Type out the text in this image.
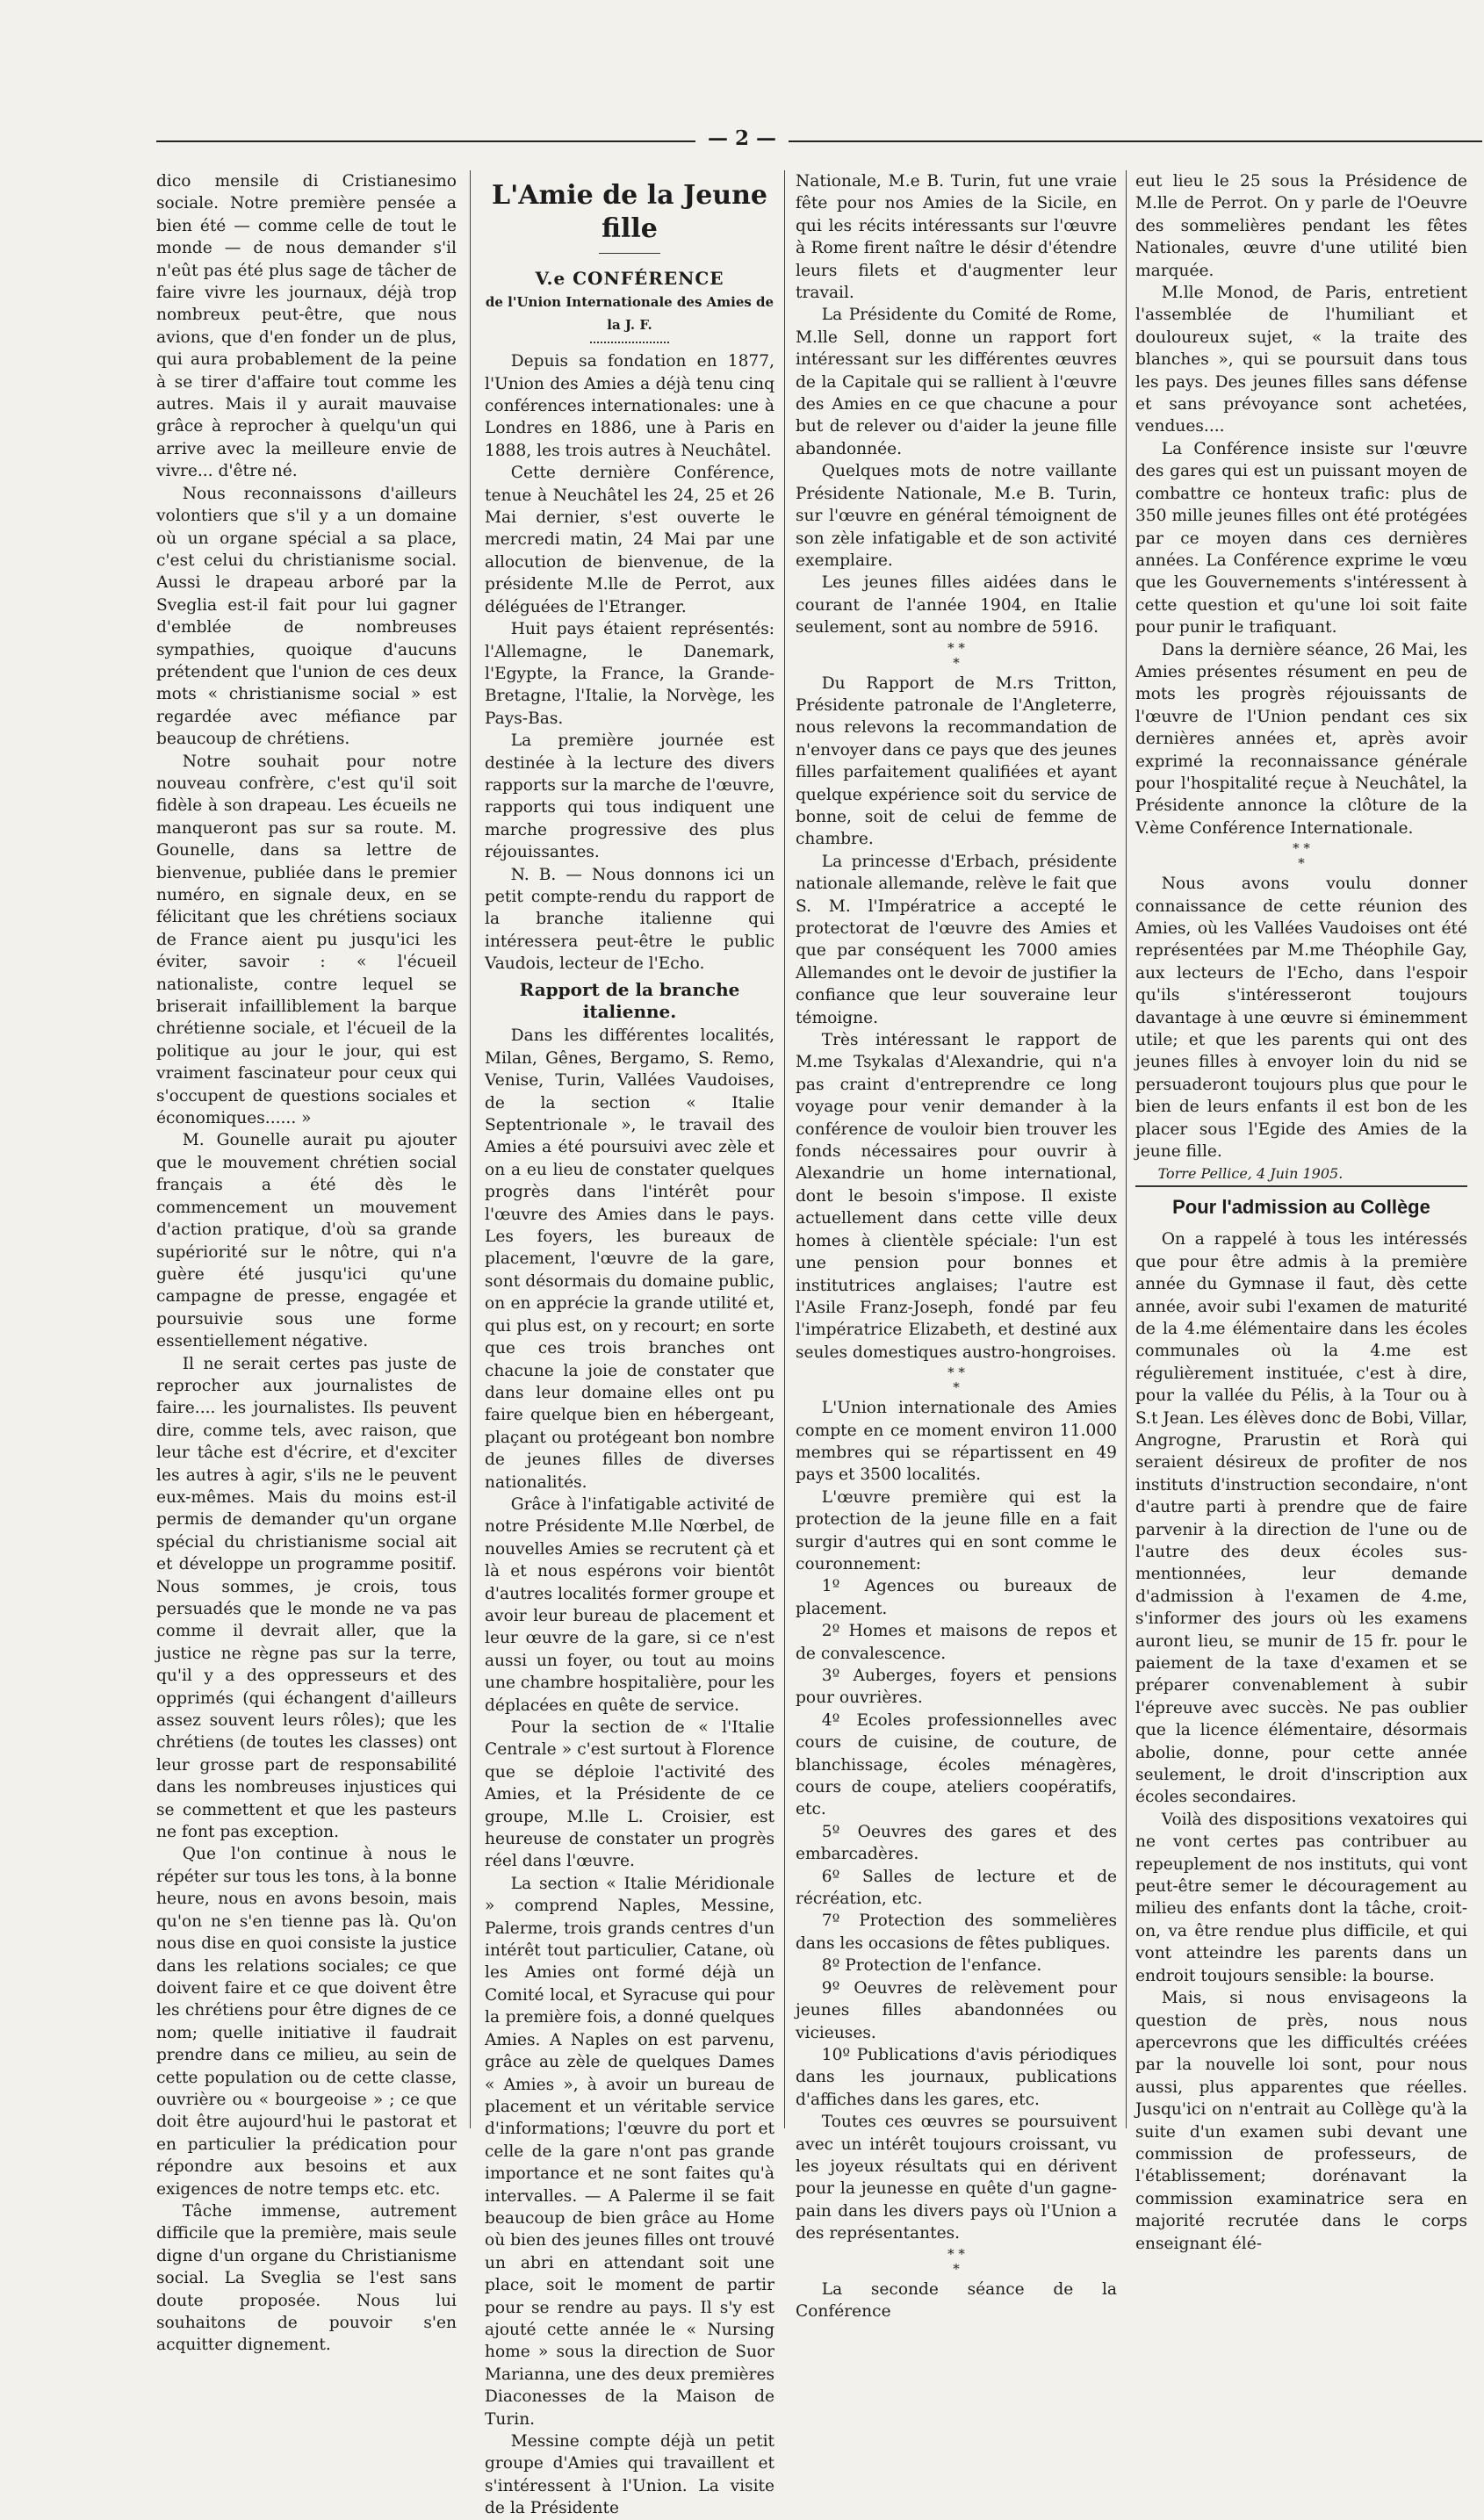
— 2 —

dico mensile di Cristianesimo sociale. Notre première pensée a bien été — comme celle de tout le monde — de nous demander s'il n'eût pas été plus sage de tâcher de faire vivre les journaux, déjà trop nombreux peut-être, que nous avions, que d'en fonder un de plus, qui aura probablement de la peine à se tirer d'affaire tout comme les autres. Mais il y aurait mauvaise grâce à reprocher à quelqu'un qui arrive avec la meilleure envie de vivre... d'être né.

Nous reconnaissons d'ailleurs volontiers que s'il y a un domaine où un organe spécial a sa place, c'est celui du christianisme social. Aussi le drapeau arboré par la Sveglia est-il fait pour lui gagner d'emblée de nombreuses sympathies, quoique d'aucuns prétendent que l'union de ces deux mots « christianisme social » est regardée avec méfiance par beaucoup de chrétiens.

Notre souhait pour notre nouveau confrère, c'est qu'il soit fidèle à son drapeau. Les écueils ne manqueront pas sur sa route. M. Gounelle, dans sa lettre de bienvenue, publiée dans le premier numéro, en signale deux, en se félicitant que les chrétiens sociaux de France aient pu jusqu'ici les éviter, savoir : « l'écueil nationaliste, contre lequel se briserait infailliblement la barque chrétienne sociale, et l'écueil de la politique au jour le jour, qui est vraiment fascinateur pour ceux qui s'occupent de questions sociales et économiques...... »

M. Gounelle aurait pu ajouter que le mouvement chrétien social français a été dès le commencement un mouvement d'action pratique, d'où sa grande supériorité sur le nôtre, qui n'a guère été jusqu'ici qu'une campagne de presse, engagée et poursuivie sous une forme essentiellement négative.

Il ne serait certes pas juste de reprocher aux journalistes de faire.... les journalistes. Ils peuvent dire, comme tels, avec raison, que leur tâche est d'écrire, et d'exciter les autres à agir, s'ils ne le peuvent eux-mêmes. Mais du moins est-il permis de demander qu'un organe spécial du christianisme social ait et développe un programme positif. Nous sommes, je crois, tous persuadés que le monde ne va pas comme il devrait aller, que la justice ne règne pas sur la terre, qu'il y a des oppresseurs et des opprimés (qui échangent d'ailleurs assez souvent leurs rôles); que les chrétiens (de toutes les classes) ont leur grosse part de responsabilité dans les nombreuses injustices qui se commettent et que les pasteurs ne font pas exception.

Que l'on continue à nous le répéter sur tous les tons, à la bonne heure, nous en avons besoin, mais qu'on ne s'en tienne pas là. Qu'on nous dise en quoi consiste la justice dans les relations sociales; ce que doivent faire et ce que doivent être les chrétiens pour être dignes de ce nom; quelle initiative il faudrait prendre dans ce milieu, au sein de cette population ou de cette classe, ouvrière ou « bourgeoise » ; ce que doit être aujourd'hui le pastorat et en particulier la prédication pour répondre aux besoins et aux exigences de notre temps etc. etc.

Tâche immense, autrement difficile que la première, mais seule digne d'un organe du Christianisme social. La Sveglia se l'est sans doute proposée. Nous lui souhaitons de pouvoir s'en acquitter dignement.

L'Amie de la Jeune fille
V.e CONFÉRENCE
de l'Union Internationale des Amies de la J. F.

Depuis sa fondation en 1877, l'Union des Amies a déjà tenu cinq conférences internationales: une à Londres en 1886, une à Paris en 1888, les trois autres à Neuchâtel.

Cette dernière Conférence, tenue à Neuchâtel les 24, 25 et 26 Mai dernier, s'est ouverte le mercredi matin, 24 Mai par une allocution de bienvenue, de la présidente M.lle de Perrot, aux déléguées de l'Etranger.

Huit pays étaient représentés: l'Allemagne, le Danemark, l'Egypte, la France, la Grande-Bretagne, l'Italie, la Norvège, les Pays-Bas.

La première journée est destinée à la lecture des divers rapports sur la marche de l'œuvre, rapports qui tous indiquent une marche progressive des plus réjouissantes.

N. B. — Nous donnons ici un petit compte-rendu du rapport de la branche italienne qui intéressera peut-être le public Vaudois, lecteur de l'Echo.

Rapport de la branche italienne.

Dans les différentes localités, Milan, Gênes, Bergamo, S. Remo, Venise, Turin, Vallées Vaudoises, de la section « Italie Septentrionale », le travail des Amies a été poursuivi avec zèle et on a eu lieu de constater quelques progrès dans l'intérêt pour l'œuvre des Amies dans le pays. Les foyers, les bureaux de placement, l'œuvre de la gare, sont désormais du domaine public, on en apprécie la grande utilité et, qui plus est, on y recourt; en sorte que ces trois branches ont chacune la joie de constater que dans leur domaine elles ont pu faire quelque bien en hébergeant, plaçant ou protégeant bon nombre de jeunes filles de diverses nationalités.

Grâce à l'infatigable activité de notre Présidente M.lle Nœrbel, de nouvelles Amies se recrutent çà et là et nous espérons voir bientôt d'autres localités former groupe et avoir leur bureau de placement et leur œuvre de la gare, si ce n'est aussi un foyer, ou tout au moins une chambre hospitalière, pour les déplacées en quête de service.

Pour la section de « l'Italie Centrale » c'est surtout à Florence que se déploie l'activité des Amies, et la Présidente de ce groupe, M.lle L. Croisier, est heureuse de constater un progrès réel dans l'œuvre.

La section « Italie Méridionale » comprend Naples, Messine, Palerme, trois grands centres d'un intérêt tout particulier, Catane, où les Amies ont formé déjà un Comité local, et Syracuse qui pour la première fois, a donné quelques Amies. A Naples on est parvenu, grâce au zèle de quelques Dames « Amies », à avoir un bureau de placement et un véritable service d'informations; l'œuvre du port et celle de la gare n'ont pas grande importance et ne sont faites qu'à intervalles. — A Palerme il se fait beaucoup de bien grâce au Home où bien des jeunes filles ont trouvé un abri en attendant soit une place, soit le moment de partir pour se rendre au pays. Il s'y est ajouté cette année le « Nursing home » sous la direction de Suor Marianna, une des deux premières Diaconesses de la Maison de Turin.

Messine compte déjà un petit groupe d'Amies qui travaillent et s'intéressent à l'Union. La visite de la Présidente

Nationale, M.e B. Turin, fut une vraie fête pour nos Amies de la Sicile, en qui les récits intéressants sur l'œuvre à Rome firent naître le désir d'étendre leurs filets et d'augmenter leur travail.

La Présidente du Comité de Rome, M.lle Sell, donne un rapport fort intéressant sur les différentes œuvres de la Capitale qui se rallient à l'œuvre des Amies en ce que chacune a pour but de relever ou d'aider la jeune fille abandonnée.

Quelques mots de notre vaillante Présidente Nationale, M.e B. Turin, sur l'œuvre en général témoignent de son zèle infatigable et de son activité exemplaire.

Les jeunes filles aidées dans le courant de l'année 1904, en Italie seulement, sont au nombre de 5916.

* *
*

Du Rapport de M.rs Tritton, Présidente patronale de l'Angleterre, nous relevons la recommandation de n'envoyer dans ce pays que des jeunes filles parfaitement qualifiées et ayant quelque expérience soit du service de bonne, soit de celui de femme de chambre.

La princesse d'Erbach, présidente nationale allemande, relève le fait que S. M. l'Impératrice a accepté le protectorat de l'œuvre des Amies et que par conséquent les 7000 amies Allemandes ont le devoir de justifier la confiance que leur souveraine leur témoigne.

Très intéressant le rapport de M.me Tsykalas d'Alexandrie, qui n'a pas craint d'entreprendre ce long voyage pour venir demander à la conférence de vouloir bien trouver les fonds nécessaires pour ouvrir à Alexandrie un home international, dont le besoin s'impose. Il existe actuellement dans cette ville deux homes à clientèle spéciale: l'un est une pension pour bonnes et institutrices anglaises; l'autre est l'Asile Franz-Joseph, fondé par feu l'impératrice Elizabeth, et destiné aux seules domestiques austro-hongroises.

* *
*

L'Union internationale des Amies compte en ce moment environ 11.000 membres qui se répartissent en 49 pays et 3500 localités.

L'œuvre première qui est la protection de la jeune fille en a fait surgir d'autres qui en sont comme le couronnement:

1º Agences ou bureaux de placement.

2º Homes et maisons de repos et de convalescence.

3º Auberges, foyers et pensions pour ouvrières.

4º Ecoles professionnelles avec cours de cuisine, de couture, de blanchissage, écoles ménagères, cours de coupe, ateliers coopératifs, etc.

5º Oeuvres des gares et des embarcadères.

6º Salles de lecture et de récréation, etc.

7º Protection des sommelières dans les occasions de fêtes publiques.

8º Protection de l'enfance.

9º Oeuvres de relèvement pour jeunes filles abandonnées ou vicieuses.

10º Publications d'avis périodiques dans les journaux, publications d'affiches dans les gares, etc.

Toutes ces œuvres se poursuivent avec un intérêt toujours croissant, vu les joyeux résultats qui en dérivent pour la jeunesse en quête d'un gagne-pain dans les divers pays où l'Union a des représentantes.

* *
*

La seconde séance de la Conférence

eut lieu le 25 sous la Présidence de M.lle de Perrot. On y parle de l'Oeuvre des sommelières pendant les fêtes Nationales, œuvre d'une utilité bien marquée.

M.lle Monod, de Paris, entretient l'assemblée de l'humiliant et douloureux sujet, « la traite des blanches », qui se poursuit dans tous les pays. Des jeunes filles sans défense et sans prévoyance sont achetées, vendues....

La Conférence insiste sur l'œuvre des gares qui est un puissant moyen de combattre ce honteux trafic: plus de 350 mille jeunes filles ont été protégées par ce moyen dans ces dernières années. La Conférence exprime le vœu que les Gouvernements s'intéressent à cette question et qu'une loi soit faite pour punir le trafiquant.

Dans la dernière séance, 26 Mai, les Amies présentes résument en peu de mots les progrès réjouissants de l'œuvre de l'Union pendant ces six dernières années et, après avoir exprimé la reconnaissance générale pour l'hospitalité reçue à Neuchâtel, la Présidente annonce la clôture de la V.ème Conférence Internationale.

* *
*

Nous avons voulu donner connaissance de cette réunion des Amies, où les Vallées Vaudoises ont été représentées par M.me Théophile Gay, aux lecteurs de l'Echo, dans l'espoir qu'ils s'intéresseront toujours davantage à une œuvre si éminemment utile; et que les parents qui ont des jeunes filles à envoyer loin du nid se persuaderont toujours plus que pour le bien de leurs enfants il est bon de les placer sous l'Egide des Amies de la jeune fille.

Torre Pellice, 4 Juin 1905.

Pour l'admission au Collège

On a rappelé à tous les intéressés que pour être admis à la première année du Gymnase il faut, dès cette année, avoir subi l'examen de maturité de la 4.me élémentaire dans les écoles communales où la 4.me est régulièrement instituée, c'est à dire, pour la vallée du Pélis, à la Tour ou à S.t Jean. Les élèves donc de Bobi, Villar, Angrogne, Prarustin et Rorà qui seraient désireux de profiter de nos instituts d'instruction secondaire, n'ont d'autre parti à prendre que de faire parvenir à la direction de l'une ou de l'autre des deux écoles sus-mentionnées, leur demande d'admission à l'examen de 4.me, s'informer des jours où les examens auront lieu, se munir de 15 fr. pour le paiement de la taxe d'examen et se préparer convenablement à subir l'épreuve avec succès. Ne pas oublier que la licence élémentaire, désormais abolie, donne, pour cette année seulement, le droit d'inscription aux écoles secondaires.

Voilà des dispositions vexatoires qui ne vont certes pas contribuer au repeuplement de nos instituts, qui vont peut-être semer le découragement au milieu des enfants dont la tâche, croit-on, va être rendue plus difficile, et qui vont atteindre les parents dans un endroit toujours sensible: la bourse.

Mais, si nous envisageons la question de près, nous nous apercevrons que les difficultés créées par la nouvelle loi sont, pour nous aussi, plus apparentes que réelles. Jusqu'ici on n'entrait au Collège qu'à la suite d'un examen subi devant une commission de professeurs, de l'établissement; dorénavant la commission examinatrice sera en majorité recrutée dans le corps enseignant élé-
